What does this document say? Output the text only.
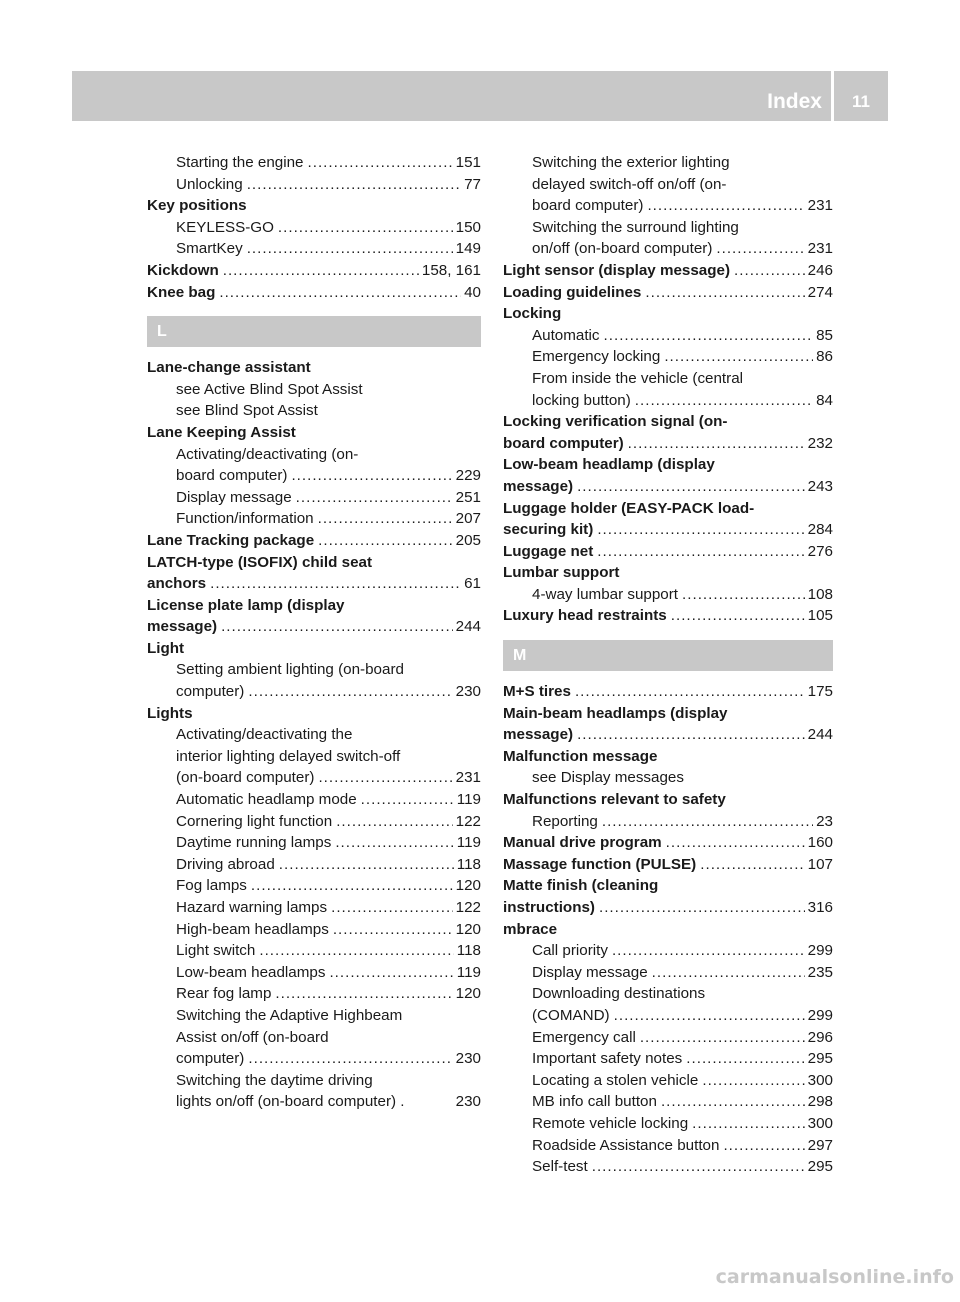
Index	11
Starting the engine .....	151
Unlocking .....	77
Key positions
KEYLESS-GO .....	150
SmartKey .....	149
Kickdown .....	158, 161
Knee bag .....	40
L
Lane-change assistant
see Active Blind Spot Assist
see Blind Spot Assist
Lane Keeping Assist
Activating/deactivating (on-
board computer) .....	229
Display message .....	251
Function/information .....	207
Lane Tracking package .....	205
LATCH-type (ISOFIX) child seat
anchors .....	61
License plate lamp (display
message) .....	244
Light
Setting ambient lighting (on-board
computer) .....	230
Lights
Activating/deactivating the
interior lighting delayed switch-off
(on-board computer) .....	231
Automatic headlamp mode .....	119
Cornering light function .....	122
Daytime running lamps .....	119
Driving abroad .....	118
Fog lamps .....	120
Hazard warning lamps .....	122
High-beam headlamps .....	120
Light switch .....	118
Low-beam headlamps .....	119
Rear fog lamp .....	120
Switching the Adaptive Highbeam
Assist on/off (on-board
computer) .....	230
Switching the daytime driving
lights on/off (on-board computer) .	230
Switching the exterior lighting
delayed switch-off on/off (on-
board computer) .....	231
Switching the surround lighting
on/off (on-board computer) .....	231
Light sensor (display message) .....	246
Loading guidelines .....	274
Locking
Automatic .....	85
Emergency locking .....	86
From inside the vehicle (central
locking button) .....	84
Locking verification signal (on-
board computer) .....	232
Low-beam headlamp (display
message) .....	243
Luggage holder (EASY-PACK load-
securing kit) .....	284
Luggage net .....	276
Lumbar support
4-way lumbar support .....	108
Luxury head restraints .....	105
M
M+S tires .....	175
Main-beam headlamps (display
message) .....	244
Malfunction message
see Display messages
Malfunctions relevant to safety
Reporting .....	23
Manual drive program .....	160
Massage function (PULSE) .....	107
Matte finish (cleaning
instructions) .....	316
mbrace
Call priority .....	299
Display message .....	235
Downloading destinations
(COMAND) .....	299
Emergency call .....	296
Important safety notes .....	295
Locating a stolen vehicle .....	300
MB info call button .....	298
Remote vehicle locking .....	300
Roadside Assistance button .....	297
Self-test .....	295
carmanualsonline.info
